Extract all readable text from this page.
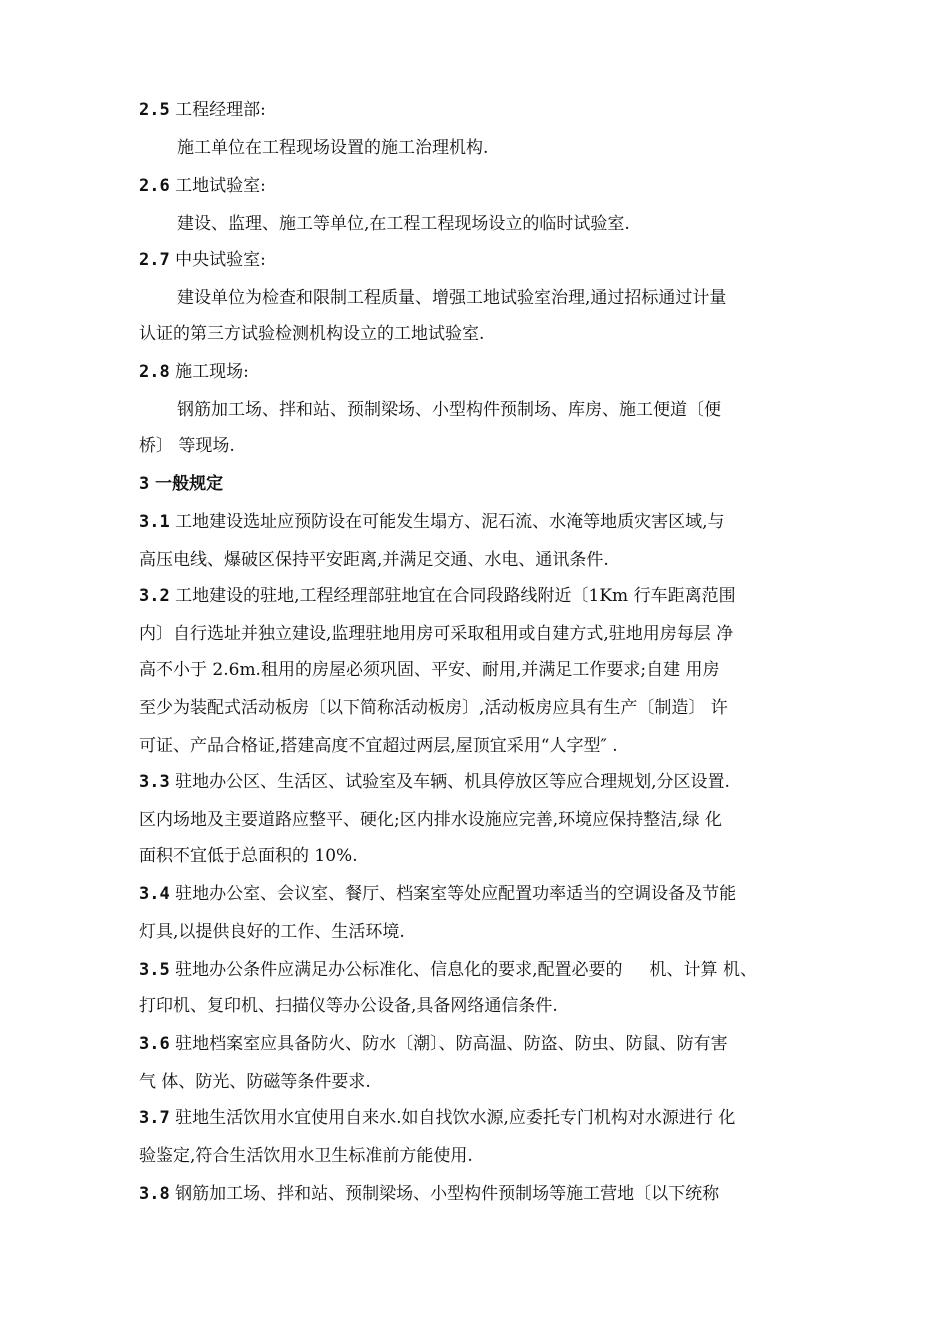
2.5 工程经理部:
施工单位在工程现场设置的施工治理机构.
2.6 工地试验室:
建设、监理、施工等单位,在工程工程现场设立的临时试验室.
2.7 中央试验室:
建设单位为检查和限制工程质量、增强工地试验室治理,通过招标通过计量
认证的第三方试验检测机构设立的工地试验室.
2.8 施工现场:
钢筋加工场、拌和站、预制梁场、小型构件预制场、库房、施工便道〔便
桥〕 等现场.
3 一般规定
3.1 工地建设选址应预防设在可能发生塌方、泥石流、水淹等地质灾害区域,与
高压电线、爆破区保持平安距离,并满足交通、水电、通讯条件.
3.2 工地建设的驻地,工程经理部驻地宜在合同段路线附近〔1Km 行车距离范围
内〕自行选址并独立建设,监理驻地用房可采取租用或自建方式,驻地用房每层 净
高不小于 2.6m.租用的房屋必须巩固、平安、耐用,并满足工作要求;自建 用房
至少为装配式活动板房〔以下简称活动板房〕,活动板房应具有生产〔制造〕 许
可证、产品合格证,搭建高度不宜超过两层,屋顶宜采用“人字型″ .
3.3 驻地办公区、生活区、试验室及车辆、机具停放区等应合理规划,分区设置.
区内场地及主要道路应整平、硬化;区内排水设施应完善,环境应保持整洁,绿 化
面积不宜低于总面积的 10%.
3.4 驻地办公室、会议室、餐厅、档案室等处应配置功率适当的空调设备及节能
灯具,以提供良好的工作、生活环境.
3.5 驻地办公条件应满足办公标准化、信息化的要求,配置必要的     机、计算 机、
打印机、复印机、扫描仪等办公设备,具备网络通信条件.
3.6 驻地档案室应具备防火、防水〔潮〕、防高温、防盗、防虫、防鼠、防有害
气 体、防光、防磁等条件要求.
3.7 驻地生活饮用水宜使用自来水.如自找饮水源,应委托专门机构对水源进行 化
验鉴定,符合生活饮用水卫生标准前方能使用.
3.8 钢筋加工场、拌和站、预制梁场、小型构件预制场等施工营地〔以下统称
